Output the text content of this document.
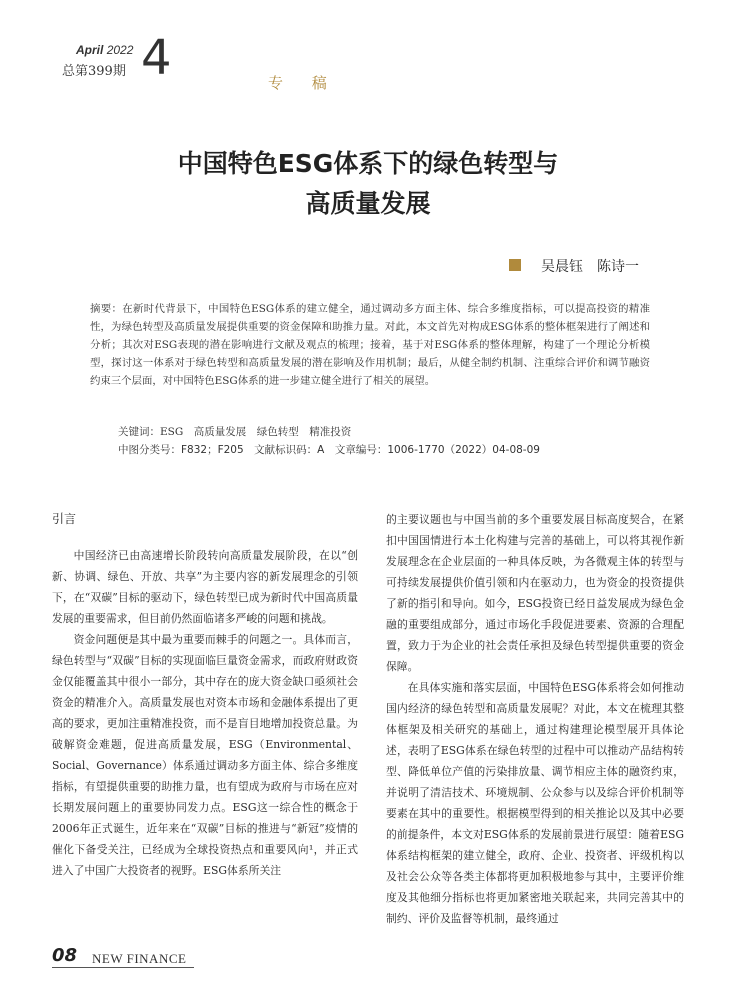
April 2022
总第399期 4	专 稿
中国特色ESG体系下的绿色转型与
高质量发展
吴晨钰　陈诗一

摘要：在新时代背景下，中国特色ESG体系的建立健全，通过调动多方面主体、综合多维度指标，可以提高投资的精准性，为绿色转型及高质量发展提供重要的资金保障和助推力量。对此，本文首先对构成ESG体系的整体框架进行了阐述和分析；其次对ESG表现的潜在影响进行文献及观点的梳理；接着，基于对ESG体系的整体理解，构建了一个理论分析模型，探讨这一体系对于绿色转型和高质量发展的潜在影响及作用机制；最后，从健全制约机制、注重综合评价和调节融资约束三个层面，对中国特色ESG体系的进一步建立健全进行了相关的展望。

关键词：ESG　高质量发展　绿色转型　精准投资
中图分类号：F832；F205　文献标识码：A　文章编号：1006-1770（2022）04-08-09
引言

中国经济已由高速增长阶段转向高质量发展阶段，在以“创新、协调、绿色、开放、共享”为主要内容的新发展理念的引领下，在“双碳”目标的驱动下，绿色转型已成为新时代中国高质量发展的重要需求，但目前仍然面临诸多严峻的问题和挑战。

资金问题便是其中最为重要而棘手的问题之一。具体而言，绿色转型与“双碳”目标的实现面临巨量资金需求，而政府财政资金仅能覆盖其中很小一部分，其中存在的庞大资金缺口亟须社会资金的精准介入。高质量发展也对资本市场和金融体系提出了更高的要求，更加注重精准投资，而不是盲目地增加投资总量。为破解资金难题，促进高质量发展，ESG（Environmental、Social、Governance）体系通过调动多方面主体、综合多维度指标，有望提供重要的助推力量，也有望成为政府与市场在应对长期发展问题上的重要协同发力点。ESG这一综合性的概念于2006年正式诞生，近年来在“双碳”目标的推进与“新冠”疫情的催化下备受关注，已经成为全球投资热点和重要风向¹，并正式进入了中国广大投资者的视野。ESG体系所关注

的主要议题也与中国当前的多个重要发展目标高度契合，在紧扣中国国情进行本土化构建与完善的基础上，可以将其视作新发展理念在企业层面的一种具体反映，为各微观主体的转型与可持续发展提供价值引领和内在驱动力，也为资金的投资提供了新的指引和导向。如今，ESG投资已经日益发展成为绿色金融的重要组成部分，通过市场化手段促进要素、资源的合理配置，致力于为企业的社会责任承担及绿色转型提供重要的资金保障。

在具体实施和落实层面，中国特色ESG体系将会如何推动国内经济的绿色转型和高质量发展呢？对此，本文在梳理其整体框架及相关研究的基础上，通过构建理论模型展开具体论述，表明了ESG体系在绿色转型的过程中可以推动产品结构转型、降低单位产值的污染排放量、调节相应主体的融资约束，并说明了清洁技术、环境规制、公众参与以及综合评价机制等要素在其中的重要性。根据模型得到的相关推论以及其中必要的前提条件，本文对ESG体系的发展前景进行展望：随着ESG体系结构框架的建立健全，政府、企业、投资者、评级机构以及社会公众等各类主体都将更加积极地参与其中，主要评价维度及其他细分指标也将更加紧密地关联起来，共同完善其中的制约、评价及监督等机制，最终通过

08 NEW FINANCE
